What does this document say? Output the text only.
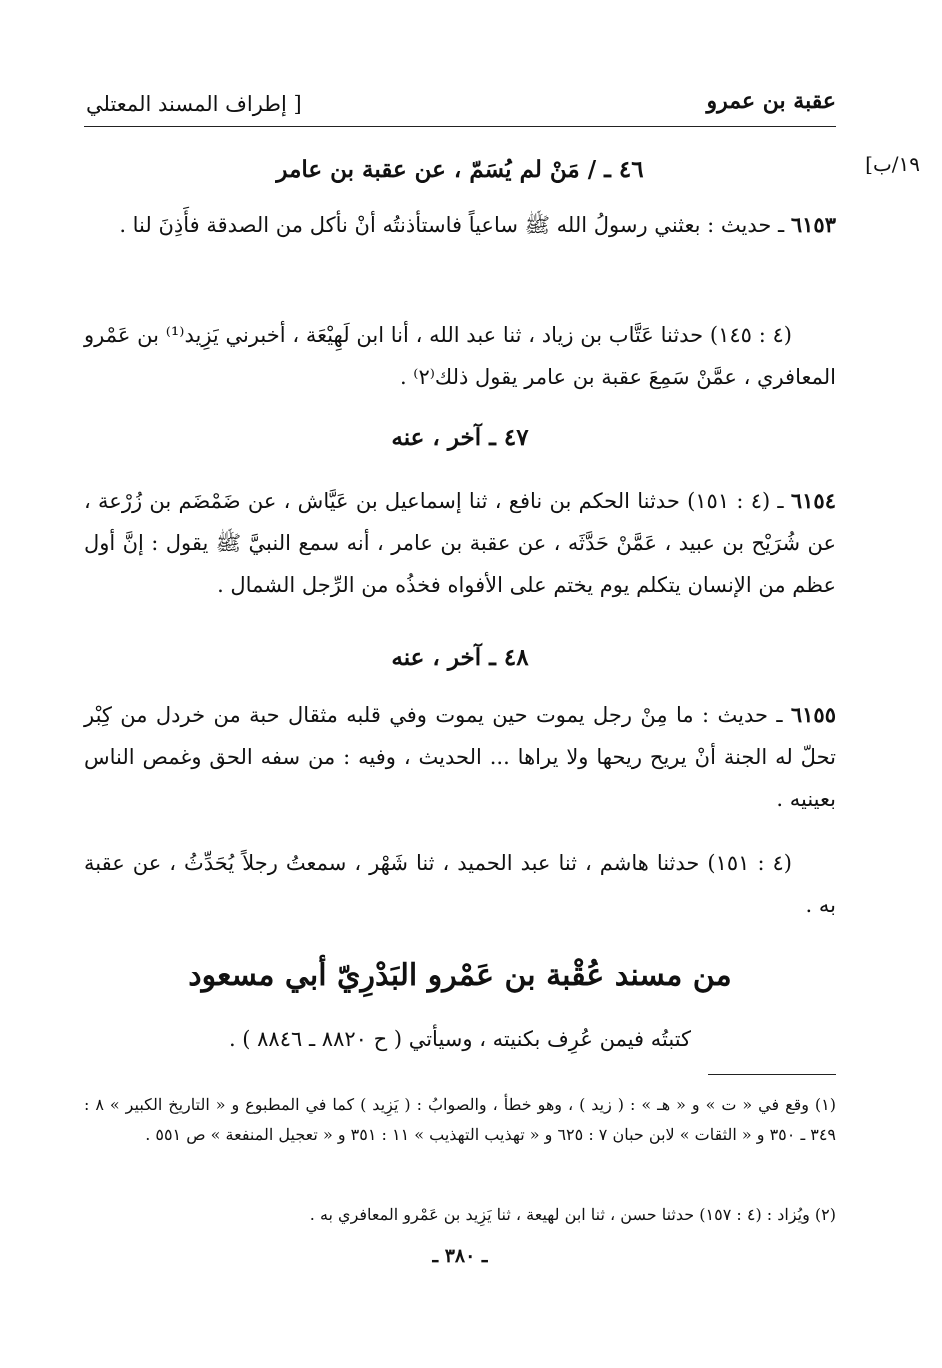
عقبة بن عمرو
[ إطراف المسند المعتلي
١٩/ب]
٤٦ ـ / مَنْ لم يُسَمّ ، عن عقبة بن عامر
٦١٥٣ ـ حديث : بعثني رسولُ الله ﷺ ساعياً فاستأذنتُه أنْ نأكل من الصدقة فأَذِنَ لنا .
(٤ : ١٤٥) حدثنا عَتَّاب بن زياد ، ثنا عبد الله ، أنا ابن لَهِيْعَة ، أخبرني يَزِيد⁽¹⁾ بن عَمْرو المعافري ، عمَّنْ سَمِعَ عقبة بن عامر يقول ذلك⁽٢⁾ .
٤٧ ـ آخر ، عنه
٦١٥٤ ـ (٤ : ١٥١) حدثنا الحكم بن نافع ، ثنا إسماعيل بن عَيَّاش ، عن ضَمْضَم بن زُرْعة ، عن شُرَيْح بن عبيد ، عَمَّنْ حَدَّثَه ، عن عقبة بن عامر ، أنه سمع النبيَّ ﷺ يقول : إنَّ أول عظم من الإنسان يتكلم يوم يختم على الأفواه فخذُه من الرِّجل الشمال .
٤٨ ـ آخر ، عنه
٦١٥٥ ـ حديث : ما مِنْ رجل يموت حين يموت وفي قلبه مثقال حبة من خردل من كِبْر تحلّ له الجنة أنْ يريح ريحها ولا يراها ... الحديث ، وفيه : من سفه الحق وغمص الناس بعينيه .
(٤ : ١٥١) حدثنا هاشم ، ثنا عبد الحميد ، ثنا شَهْر ، سمعتُ رجلاً يُحَدِّثُ ، عن عقبة به .
من مسند عُقْبة بن عَمْرو البَدْرِيّ أبي مسعود
كتبتُه فيمن عُرِف بكنيته ، وسيأتي ( ح ٨٨٢٠ ـ ٨٨٤٦ ) .
(١) وقع في « ت » و « هـ » : ( زيد ) ، وهو خطأ ، والصوابُ : ( يَزِيد ) كما في المطبوع و « التاريخ الكبير » ٨ : ٣٤٩ ـ ٣٥٠ و « الثقات » لابن حبان ٧ : ٦٢٥ و « تهذيب التهذيب » ١١ : ٣٥١ و « تعجيل المنفعة » ص ٥٥١ .
(٢) ويُزاد : (٤ : ١٥٧) حدثنا حسن ، ثنا ابن لهيعة ، ثنا يَزِيد بن عَمْرو المعافري به .
ـ ٣٨٠ ـ
